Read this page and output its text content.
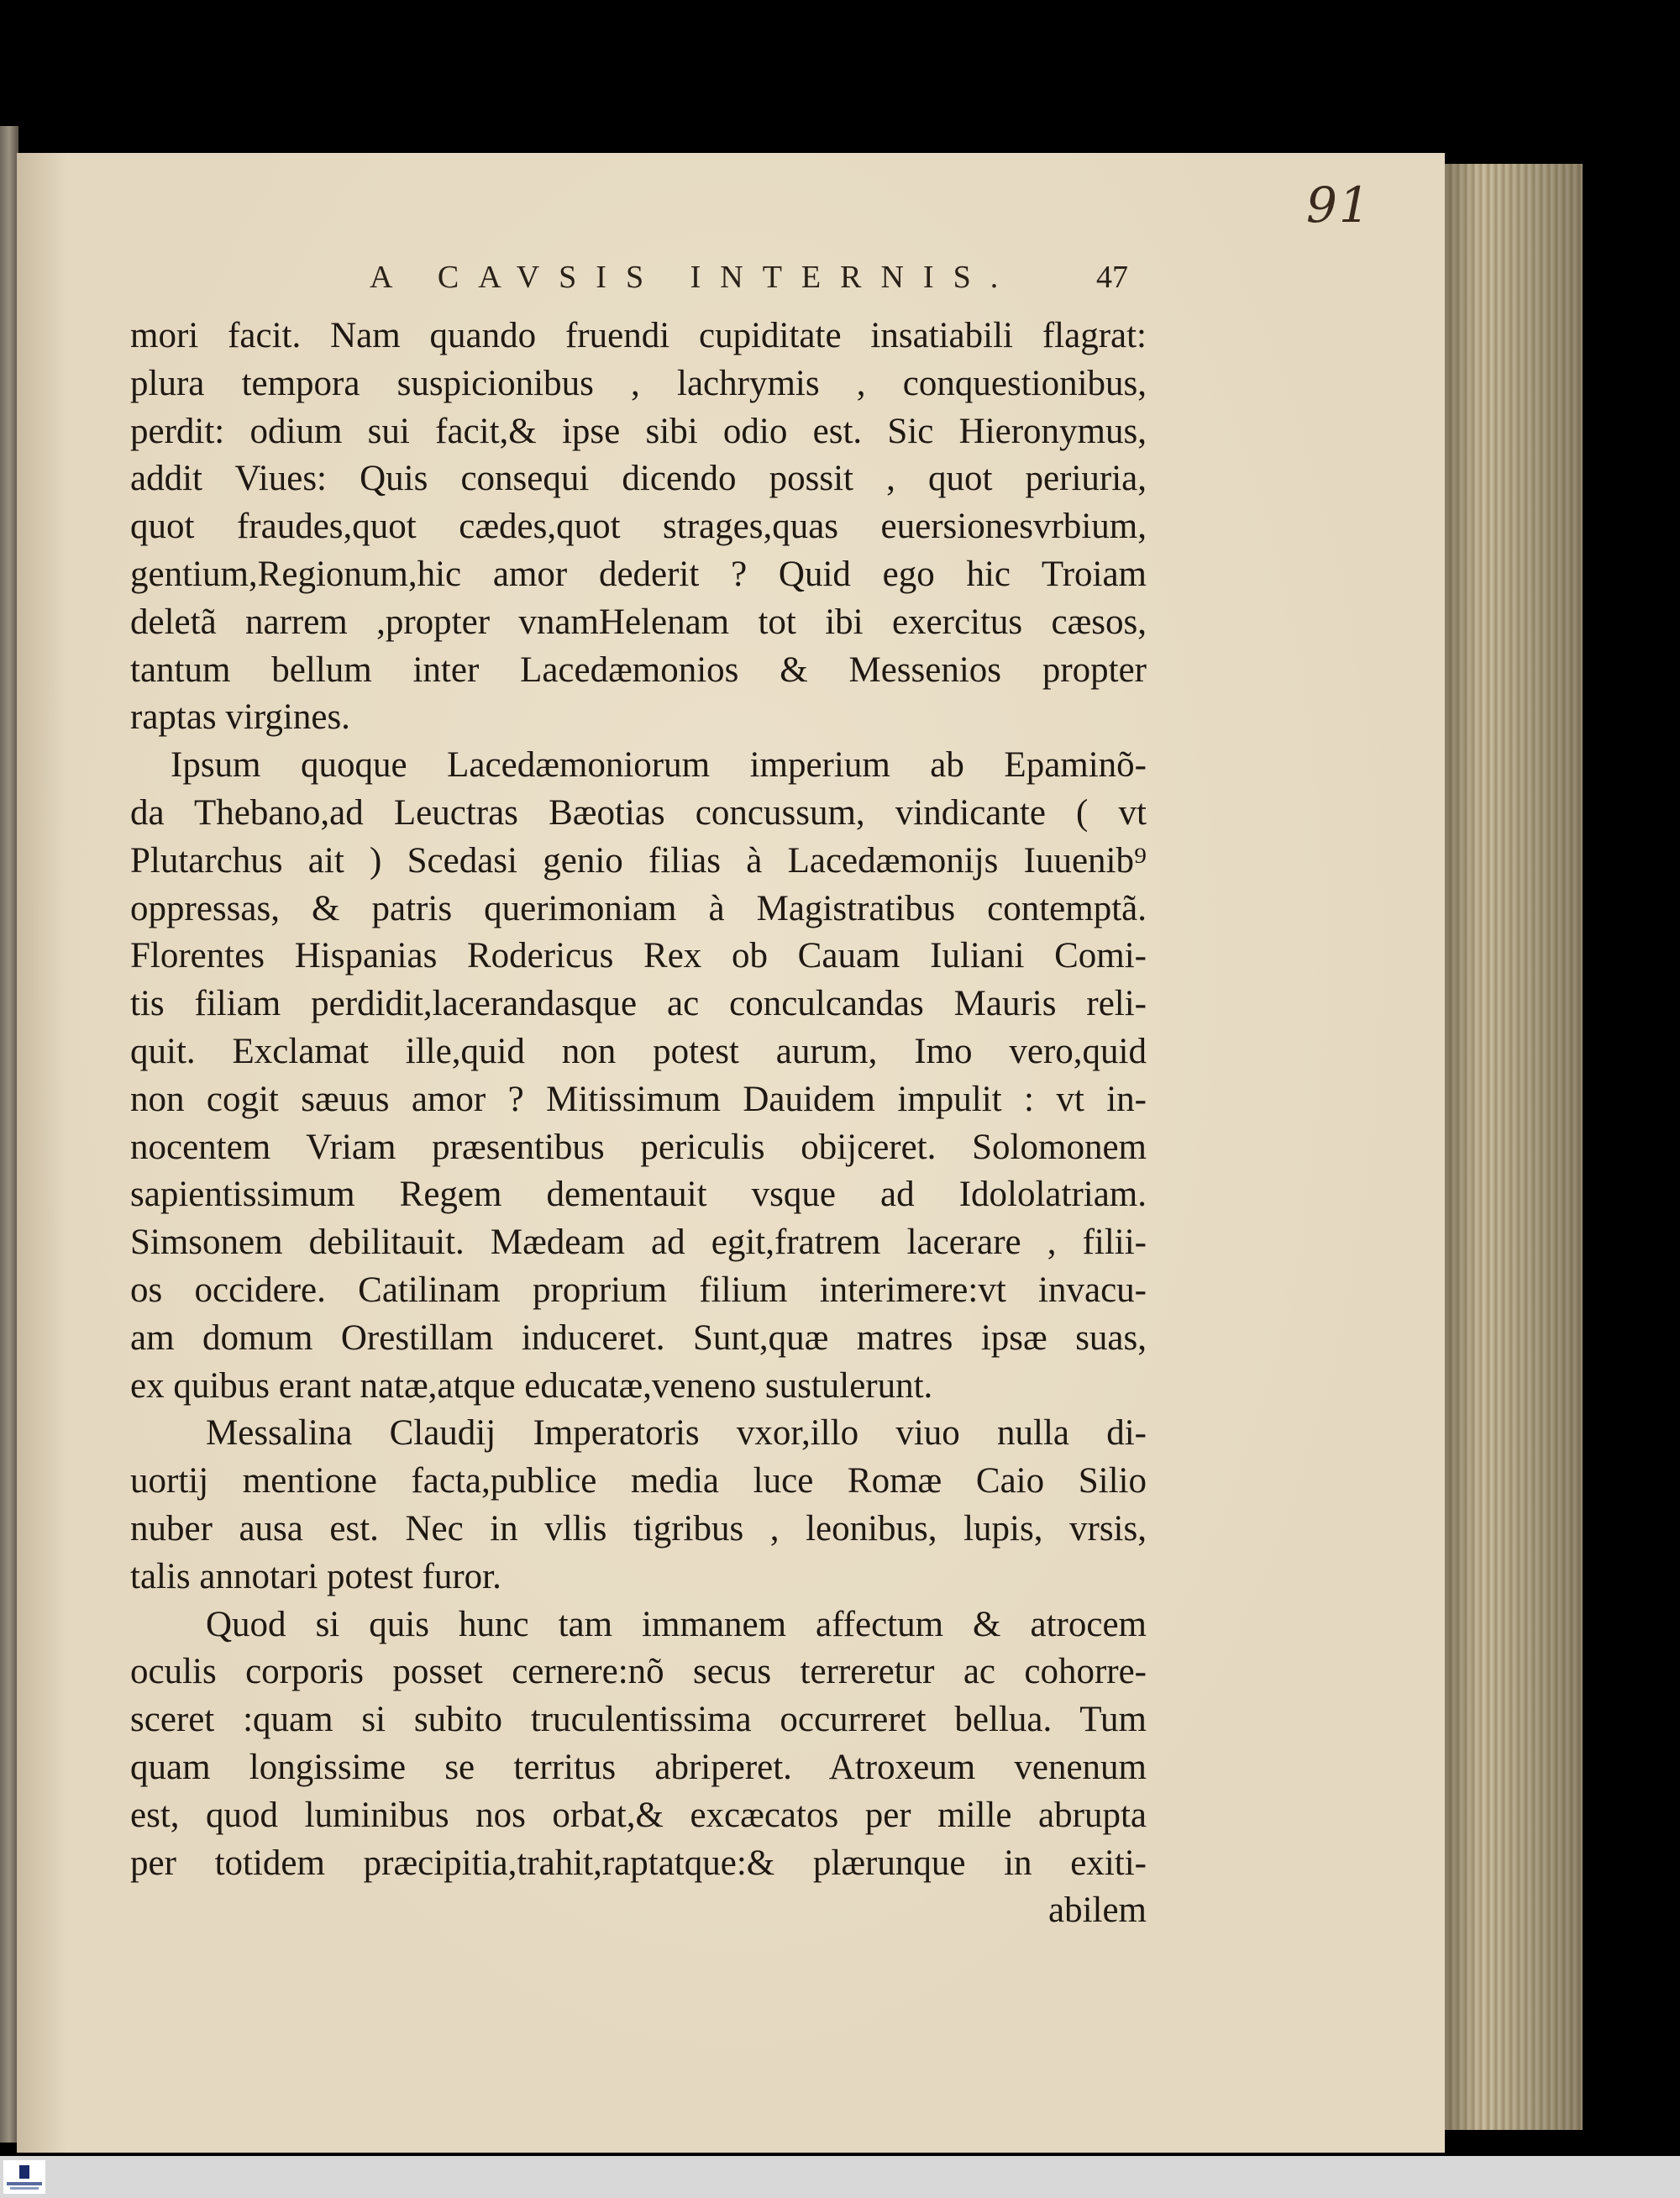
91
A CAVSIS INTERNIS. 47
mori facit. Nam quando fruendi cupiditate insatiabili flagrat:
plura tempora suspicionibus , lachrymis , conquestionibus,
perdit: odium sui facit,& ipse sibi odio est. Sic Hieronymus,
addit Viues: Quis consequi dicendo possit , quot periuria,
quot fraudes,quot cædes,quot strages,quas euersionesvrbium,
gentium,Regionum,hic amor dederit ? Quid ego hic Troiam
deletã narrem ,propter vnamHelenam tot ibi exercitus cæsos,
tantum bellum inter Lacedæmonios & Messenios propter
raptas virgines.
Ipsum quoque Lacedæmoniorum imperium ab Epaminõ-
da Thebano,ad Leuctras Bæotias concussum, vindicante ( vt
Plutarchus ait ) Scedasi genio filias à Lacedæmonijs Iuuenib⁹
oppressas, & patris querimoniam à Magistratibus contemptã.
Florentes Hispanias Rodericus Rex ob Cauam Iuliani Comi-
tis filiam perdidit,lacerandasque ac conculcandas Mauris reli-
quit. Exclamat ille,quid non potest aurum, Imo vero,quid
non cogit sæuus amor ? Mitissimum Dauidem impulit : vt in-
nocentem Vriam præsentibus periculis obijceret. Solomonem
sapientissimum Regem dementauit vsque ad Idololatriam.
Simsonem debilitauit. Mædeam ad egit,fratrem lacerare , filii-
os occidere. Catilinam proprium filium interimere:vt invacu-
am domum Orestillam induceret. Sunt,quæ matres ipsæ suas,
ex quibus erant natæ,atque educatæ,veneno sustulerunt.
Messalina Claudij Imperatoris vxor,illo viuo nulla di-
uortij mentione facta,publice media luce Romæ Caio Silio
nuber ausa est. Nec in vllis tigribus , leonibus, lupis, vrsis,
talis annotari potest furor.
Quod si quis hunc tam immanem affectum & atrocem
oculis corporis posset cernere:nõ secus terreretur ac cohorre-
sceret :quam si subito truculentissima occurreret bellua. Tum
quam longissime se territus abriperet. Atroxeum venenum
est, quod luminibus nos orbat,& excæcatos per mille abrupta
per totidem præcipitia,trahit,raptatque:& plærunque in exiti-
abilem
